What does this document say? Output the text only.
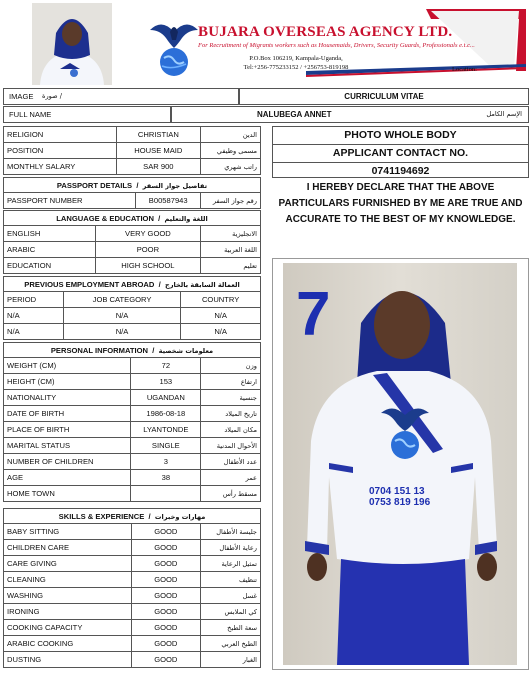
BUJARA OVERSEAS AGENCY LTD.
For Recruitment of Migrants workers such as Housemaids, Drivers, Security Guards, Professionals e.t.c...
P.O.Box 106219, Kampala-Uganda,
Tel:+256-775233152 / +256753-819198	Location:
IMAGE صورة /	CURRICULUM VITAE
FULL NAME	NALUBEGA ANNET	الإسم الكامل
RELIGION	CHRISTIAN	الدين
POSITION	HOUSE MAID	مسمى وظيفي
MONTHLY SALARY	SAR 900	راتب شهري
PASSPORT DETAILS  /  تفاصيل جواز السفر
PASSPORT NUMBER	B00587943	رقم جواز السفر
LANGUAGE & EDUCATION  /  اللغة والتعليم		
ENGLISH	VERY GOOD	الانجليزية
ARABIC	POOR	اللغة العربية
EDUCATION	HIGH SCHOOL	تعليم
PREVIOUS EMPLOYMENT ABROAD  /  العمالة السابقة بالخارج		
PERIOD	JOB CATEGORY	COUNTRY
N/A	N/A	N/A
N/A	N/A	N/A
PERSONAL INFORMATION  /  معلومات شخصية		
WEIGHT (CM)	72	وزن
HEIGHT (CM)	153	ارتفاع
NATIONALITY	UGANDAN	جنسية
DATE OF BIRTH	1986-08-18	تاريخ الميلاد
PLACE OF BIRTH	LYANTONDE	مكان الميلاد
MARITAL STATUS	SINGLE	الأحوال المدنية
NUMBER OF CHILDREN	3	عدد الأطفال
AGE	38	عمر
HOME TOWN		مسقط رأس
SKILLS & EXPERIENCE  /  مهارات وخبرات		
BABY SITTING	GOOD	جليسة الأطفال
CHILDREN CARE	GOOD	رعاية الأطفال
CARE GIVING	GOOD	تمثيل الرعاية
CLEANING	GOOD	تنظيف
WASHING	GOOD	غسل
IRONING	GOOD	كي الملابس
COOKING CAPACITY	GOOD	سعة الطبخ
ARABIC COOKING	GOOD	الطبخ العربي
DUSTING	GOOD	الغبار
PHOTO WHOLE BODY
APPLICANT CONTACT NO.
0741194692
I HEREBY DECLARE THAT THE ABOVE PARTICULARS FURNISHED BY ME ARE TRUE AND ACCURATE TO THE BEST OF MY KNOWLEDGE.
7
0704 151 13
0753 819 196
